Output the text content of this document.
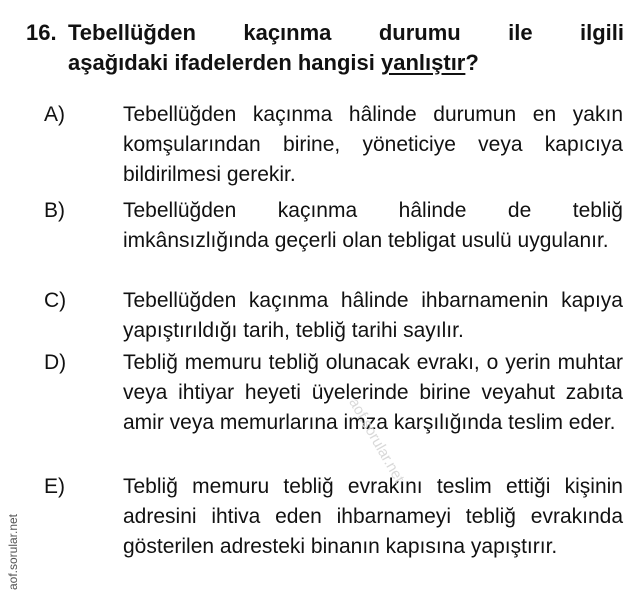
16. Tebellüğden kaçınma durumu ile ilgili
aşağıdaki ifadelerden hangisi yanlıştır?
A)	Tebellüğden kaçınma hâlinde durumun en yakın komşularından birine, yöneticiye veya kapıcıya bildirilmesi gerekir.
B)	Tebellüğden kaçınma hâlinde de tebliğ imkânsızlığında geçerli olan tebligat usulü uygulanır.
C)	Tebellüğden kaçınma hâlinde ihbarnamenin kapıya yapıştırıldığı tarih, tebliğ tarihi sayılır.
D)	Tebliğ memuru tebliğ olunacak evrakı, o yerin muhtar veya ihtiyar heyeti üyelerinde birine veyahut zabıta amir veya memurlarına imza karşılığında teslim eder.
E)	Tebliğ memuru tebliğ evrakını teslim ettiği kişinin adresini ihtiva eden ihbarnameyi tebliğ evrakında gösterilen adresteki binanın kapısına yapıştırır.
aof.sorular.net
aof.sorular.net
